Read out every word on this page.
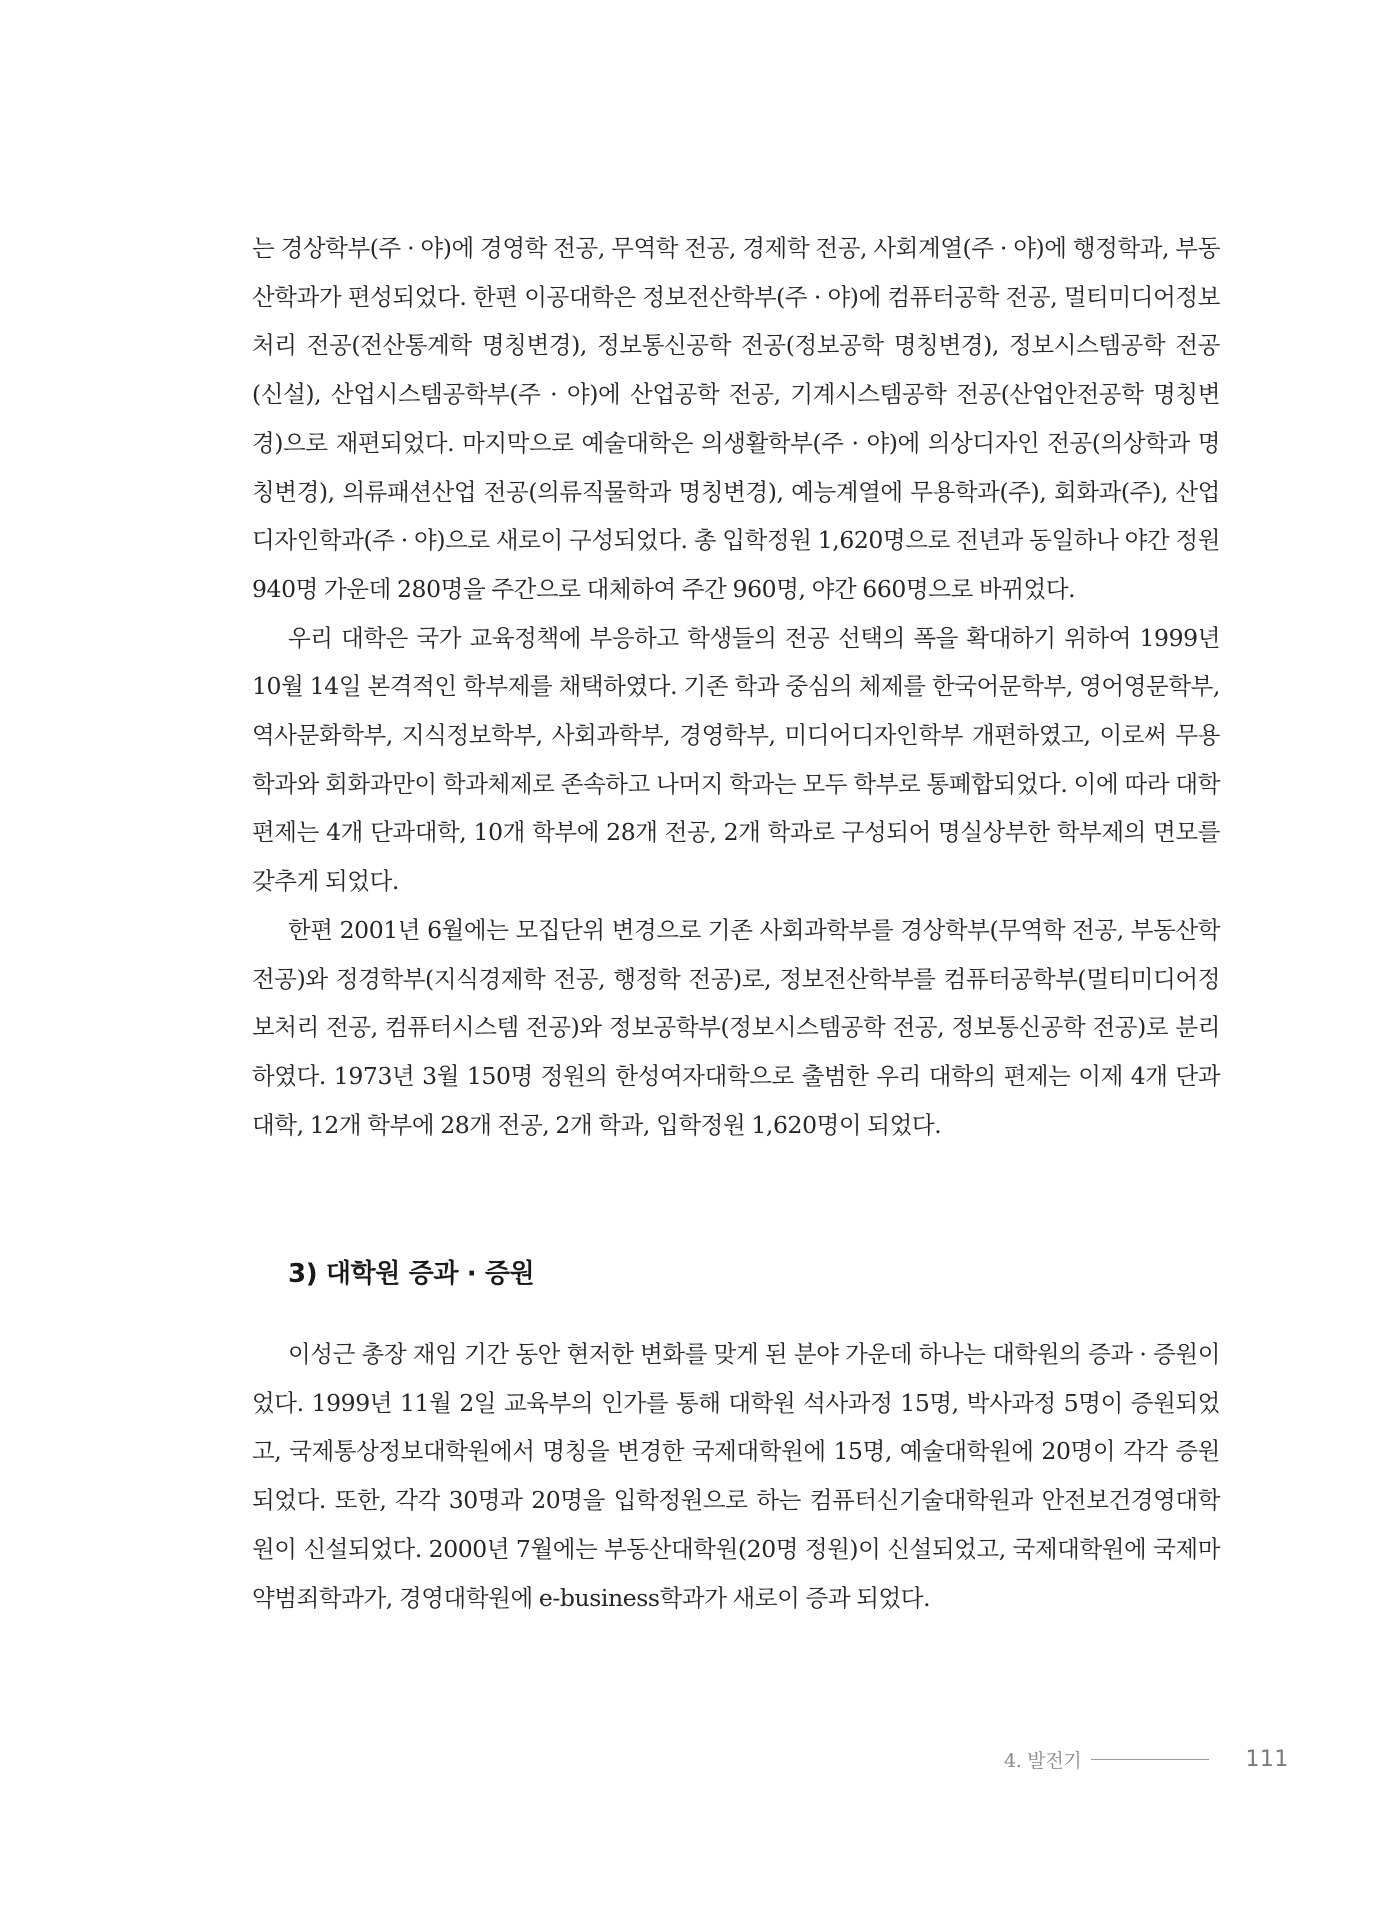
는 경상학부(주 · 야)에 경영학 전공, 무역학 전공, 경제학 전공, 사회계열(주 · 야)에 행정학과, 부동산학과가 편성되었다. 한편 이공대학은 정보전산학부(주 · 야)에 컴퓨터공학 전공, 멀티미디어정보처리 전공(전산통계학 명칭변경), 정보통신공학 전공(정보공학 명칭변경), 정보시스템공학 전공(신설), 산업시스템공학부(주 · 야)에 산업공학 전공, 기계시스템공학 전공(산업안전공학 명칭변경)으로 재편되었다. 마지막으로 예술대학은 의생활학부(주 · 야)에 의상디자인 전공(의상학과 명칭변경), 의류패션산업 전공(의류직물학과 명칭변경), 예능계열에 무용학과(주), 회화과(주), 산업디자인학과(주 · 야)으로 새로이 구성되었다. 총 입학정원 1,620명으로 전년과 동일하나 야간 정원 940명 가운데 280명을 주간으로 대체하여 주간 960명, 야간 660명으로 바뀌었다.

우리 대학은 국가 교육정책에 부응하고 학생들의 전공 선택의 폭을 확대하기 위하여 1999년 10월 14일 본격적인 학부제를 채택하였다. 기존 학과 중심의 체제를 한국어문학부, 영어영문학부, 역사문화학부, 지식정보학부, 사회과학부, 경영학부, 미디어디자인학부 개편하였고, 이로써 무용학과와 회화과만이 학과체제로 존속하고 나머지 학과는 모두 학부로 통폐합되었다. 이에 따라 대학편제는 4개 단과대학, 10개 학부에 28개 전공, 2개 학과로 구성되어 명실상부한 학부제의 면모를 갖추게 되었다.

한편 2001년 6월에는 모집단위 변경으로 기존 사회과학부를 경상학부(무역학 전공, 부동산학 전공)와 정경학부(지식경제학 전공, 행정학 전공)로, 정보전산학부를 컴퓨터공학부(멀티미디어정보처리 전공, 컴퓨터시스템 전공)와 정보공학부(정보시스템공학 전공, 정보통신공학 전공)로 분리하였다. 1973년 3월 150명 정원의 한성여자대학으로 출범한 우리 대학의 편제는 이제 4개 단과대학, 12개 학부에 28개 전공, 2개 학과, 입학정원 1,620명이 되었다.

3) 대학원 증과 · 증원

이성근 총장 재임 기간 동안 현저한 변화를 맞게 된 분야 가운데 하나는 대학원의 증과 · 증원이었다. 1999년 11월 2일 교육부의 인가를 통해 대학원 석사과정 15명, 박사과정 5명이 증원되었고, 국제통상정보대학원에서 명칭을 변경한 국제대학원에 15명, 예술대학원에 20명이 각각 증원되었다. 또한, 각각 30명과 20명을 입학정원으로 하는 컴퓨터신기술대학원과 안전보건경영대학원이 신설되었다. 2000년 7월에는 부동산대학원(20명 정원)이 신설되었고, 국제대학원에 국제마약범죄학과가, 경영대학원에 e-business학과가 새로이 증과 되었다.

4. 발전기	111
